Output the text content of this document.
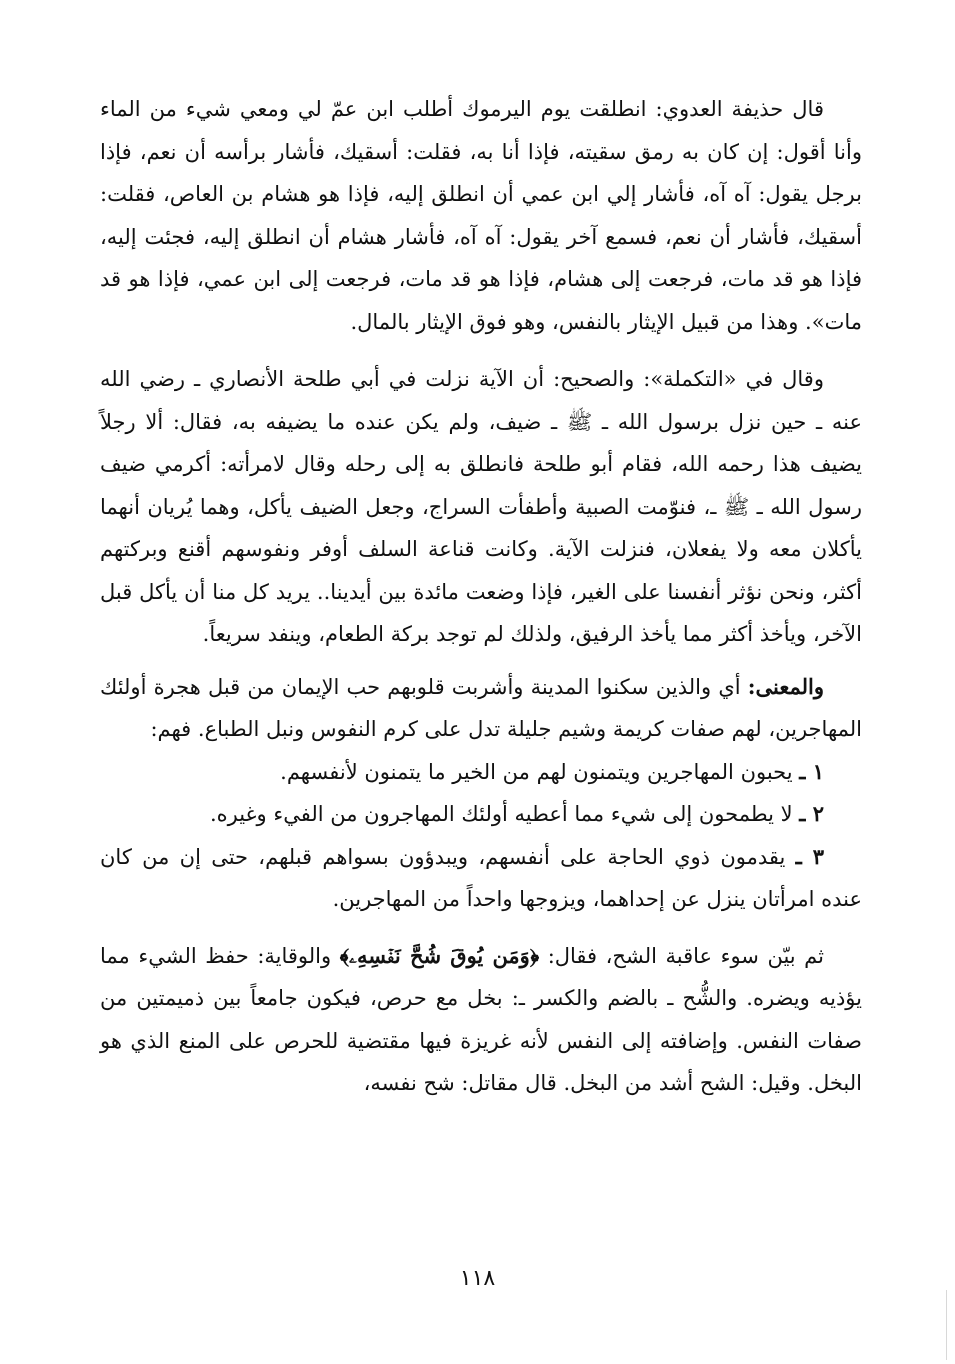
قال حذيفة العدوي: انطلقت يوم اليرموك أطلب ابن عمّ لي ومعي شيء من الماء وأنا أقول: إن كان به رمق سقيته، فإذا أنا به، فقلت: أسقيك، فأشار برأسه أن نعم، فإذا برجل يقول: آه آه، فأشار إلي ابن عمي أن انطلق إليه، فإذا هو هشام بن العاص، فقلت: أسقيك، فأشار أن نعم، فسمع آخر يقول: آه آه، فأشار هشام أن انطلق إليه، فجئت إليه، فإذا هو قد مات، فرجعت إلى هشام، فإذا هو قد مات، فرجعت إلى ابن عمي، فإذا هو قد مات». وهذا من قبيل الإيثار بالنفس، وهو فوق الإيثار بالمال.

وقال في «التكملة»: والصحيح: أن الآية نزلت في أبي طلحة الأنصاري ـ رضي الله عنه ـ حين نزل برسول الله ـ ﷺ ـ ضيف، ولم يكن عنده ما يضيفه به، فقال: ألا رجلاً يضيف هذا رحمه الله، فقام أبو طلحة فانطلق به إلى رحله وقال لامرأته: أكرمي ضيف رسول الله ـ ﷺ ـ، فنوّمت الصبية وأطفأت السراج، وجعل الضيف يأكل، وهما يُريان أنهما يأكلان معه ولا يفعلان، فنزلت الآية. وكانت قناعة السلف أوفر ونفوسهم أقنع وبركتهم أكثر، ونحن نؤثر أنفسنا على الغير، فإذا وضعت مائدة بين أيدينا.. يريد كل منا أن يأكل قبل الآخر، ويأخذ أكثر مما يأخذ الرفيق، ولذلك لم توجد بركة الطعام، وينفد سريعاً.

والمعنى: أي والذين سكنوا المدينة وأشربت قلوبهم حب الإيمان من قبل هجرة أولئك المهاجرين، لهم صفات كريمة وشيم جليلة تدل على كرم النفوس ونبل الطباع. فهم:

١ ـ يحبون المهاجرين ويتمنون لهم من الخير ما يتمنون لأنفسهم.

٢ ـ لا يطمحون إلى شيء مما أعطيه أولئك المهاجرون من الفيء وغيره.

٣ ـ يقدمون ذوي الحاجة على أنفسهم، ويبدؤون بسواهم قبلهم، حتى إن من كان عنده امرأتان ينزل عن إحداهما، ويزوجها واحداً من المهاجرين.

ثم بيّن سوء عاقبة الشح، فقال: ﴿وَمَن يُوقَ شُحَّ نَفۡسِهِۦ﴾ والوقاية: حفظ الشيء مما يؤذيه ويضره. والشُّح ـ بالضم والكسر ـ: بخل مع حرص، فيكون جامعاً بين ذميمتين من صفات النفس. وإضافته إلى النفس لأنه غريزة فيها مقتضية للحرص على المنع الذي هو البخل. وقيل: الشح أشد من البخل. قال مقاتل: شح نفسه،

١١٨
